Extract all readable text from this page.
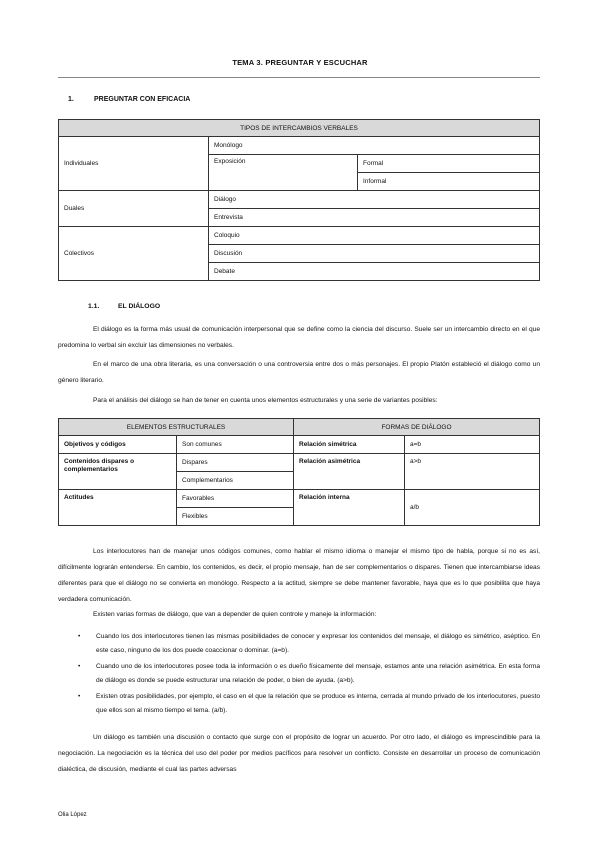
TEMA 3. PREGUNTAR Y ESCUCHAR
1.	PREGUNTAR CON EFICACIA
TIPOS DE INTERCAMBIOS VERBALES		
Individuales	Monólogo	
	Exposición	Formal
		Informal
Duales	Diálogo	
	Entrevista	
Colectivos	Coloquio	
	Discusión	
	Debate	
1.1.	EL DIÁLOGO
El diálogo es la forma más usual de comunicación interpersonal que se define como la ciencia del discurso. Suele ser un intercambio directo en el que predomina lo verbal sin excluir las dimensiones no verbales.
En el marco de una obra literaria, es una conversación o una controversia entre dos o más personajes. El propio Platón estableció el diálogo como un género literario.
Para el análisis del diálogo se han de tener en cuenta unos elementos estructurales y una serie de variantes posibles:
ELEMENTOS ESTRUCTURALES		FORMAS DE DIÁLOGO	
Objetivos y códigos	Son comunes	Relación simétrica	a=b
Contenidos dispares o complementarios	Dispares	Relación asimétrica	a>b
	Complementarios		
Actitudes	Favorables	Relación interna	a/b
	Flexibles		
Los interlocutores han de manejar unos códigos comunes, como hablar el mismo idioma o manejar el mismo tipo de habla, porque si no es así, difícilmente lograrán entenderse. En cambio, los contenidos, es decir, el propio mensaje, han de ser complementarios o dispares. Tienen que intercambiarse ideas diferentes para que el diálogo no se convierta en monólogo. Respecto a la actitud, siempre se debe mantener favorable, haya que es lo que posibilita que haya verdadera comunicación.
Existen varias formas de diálogo, que van a depender de quien controle y maneje la información:
• Cuando los dos interlocutores tienen las mismas posibilidades de conocer y expresar los contenidos del mensaje, el diálogo es simétrico, aséptico. En este caso, ninguno de los dos puede coaccionar o dominar. (a=b).
• Cuando uno de los interlocutores posee toda la información o es dueño físicamente del mensaje, estamos ante una relación asimétrica. En esta forma de diálogo es donde se puede estructurar una relación de poder, o bien de ayuda. (a>b).
• Existen otras posibilidades, por ejemplo, el caso en el que la relación que se produce es interna, cerrada al mundo privado de los interlocutores, puesto que ellos son al mismo tiempo el tema. (a/b).
Un diálogo es también una discusión o contacto que surge con el propósito de lograr un acuerdo. Por otro lado, el diálogo es imprescindible para la negociación. La negociación es la técnica del uso del poder por medios pacíficos para resolver un conflicto. Consiste en desarrollar un proceso de comunicación dialéctica, de discusión, mediante el cual las partes adversas
Olia López
